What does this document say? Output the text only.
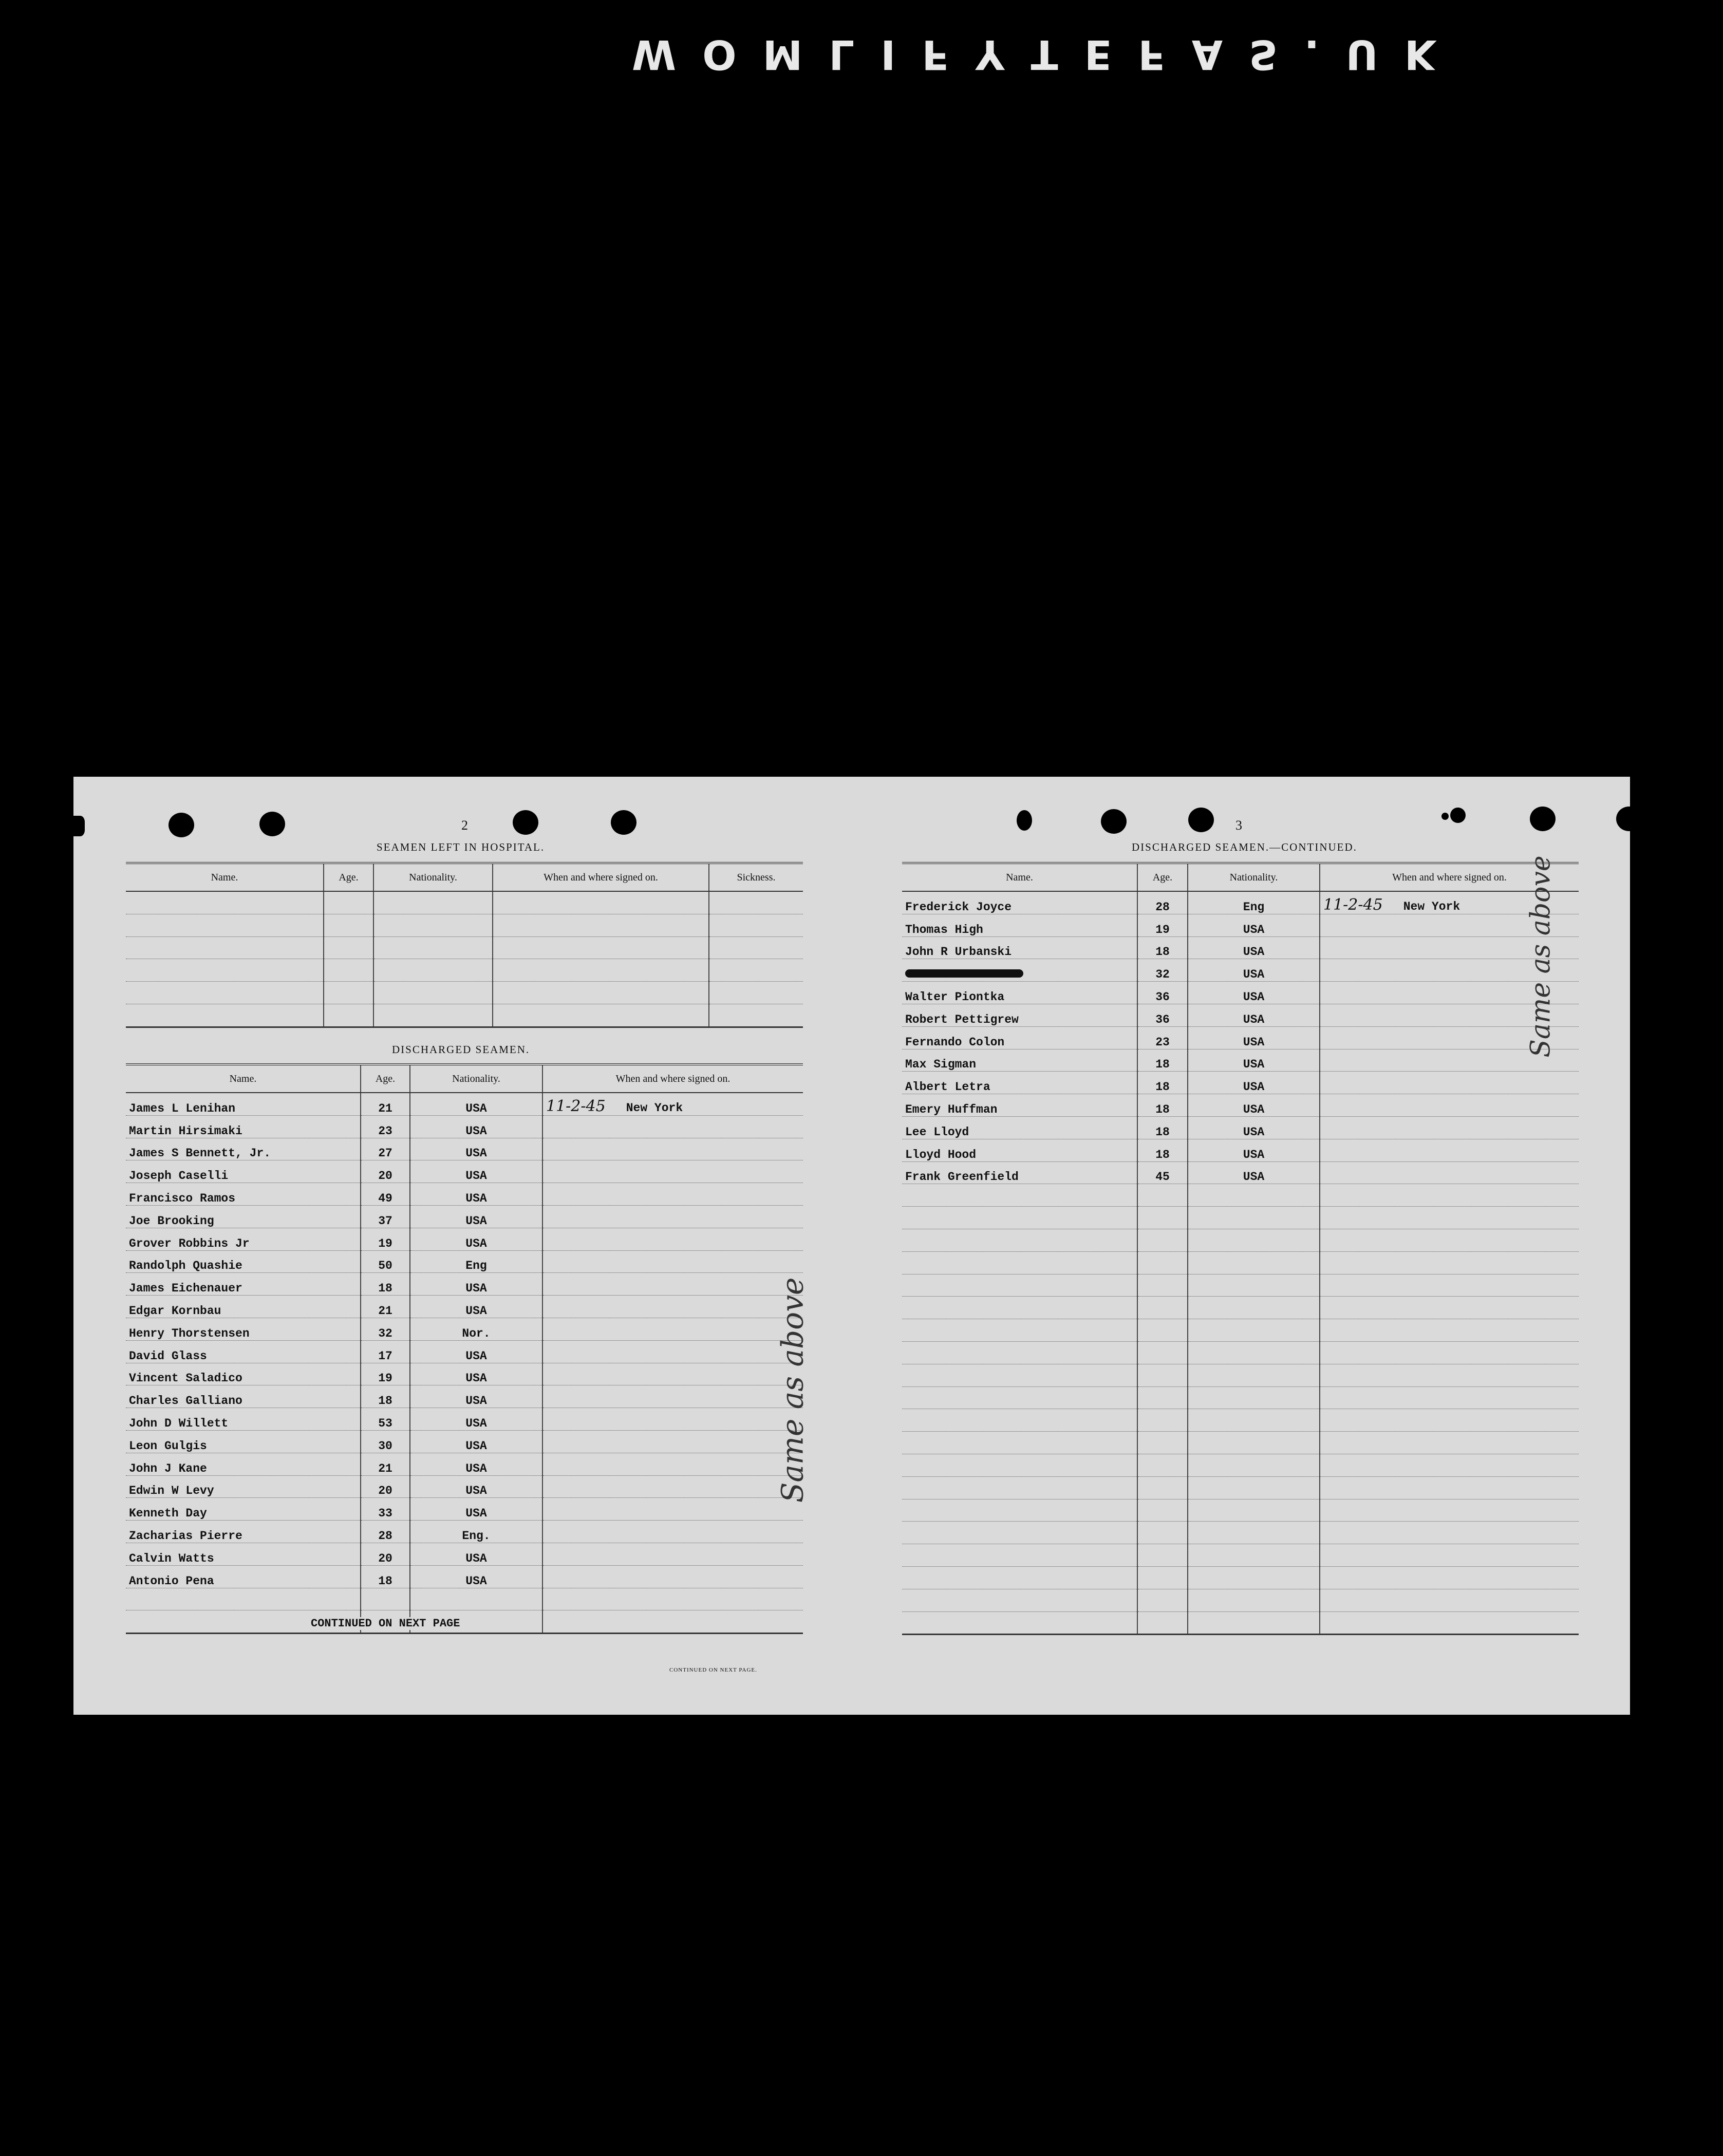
W O M L I F Y T E F A S . U K
2
SEAMEN LEFT IN HOSPITAL.
Name.	Age.	Nationality.	When and where signed on.	Sickness.

DISCHARGED SEAMEN.
Name.	Age.	Nationality.	When and where signed on.
James L Lenihan	21	USA	11-2-45 New York
Martin Hirsimaki	23	USA	
James S Bennett, Jr.	27	USA	
Joseph Caselli	20	USA	
Francisco Ramos	49	USA	
Joe Brooking	37	USA	
Grover Robbins Jr	19	USA	
Randolph Quashie	50	Eng	
James Eichenauer	18	USA	
Edgar Kornbau	21	USA	
Henry Thorstensen	32	Nor.	
David Glass	17	USA	
Vincent Saladico	19	USA	
Charles Galliano	18	USA	
John D Willett	53	USA	
Leon Gulgis	30	USA	
John J Kane	21	USA	
Edwin W Levy	20	USA	
Kenneth Day	33	USA	
Zacharias Pierre	28	Eng.	
Calvin Watts	20	USA	
Antonio Pena	18	USA	

CONTINUED ON NEXT PAGE
CONTINUED ON NEXT PAGE.
Same as above
3
DISCHARGED SEAMEN.—CONTINUED.
Name.	Age.	Nationality.	When and where signed on.
Frederick Joyce	28	Eng	11-2-45 New York
Thomas High	19	USA	
John R Urbanski	18	USA	
	32	USA	
Walter Piontka	36	USA	
Robert Pettigrew	36	USA	
Fernando Colon	23	USA	
Max Sigman	18	USA	
Albert Letra	18	USA	
Emery Huffman	18	USA	
Lee Lloyd	18	USA	
Lloyd Hood	18	USA	
Frank Greenfield	45	USA	

Same as above
